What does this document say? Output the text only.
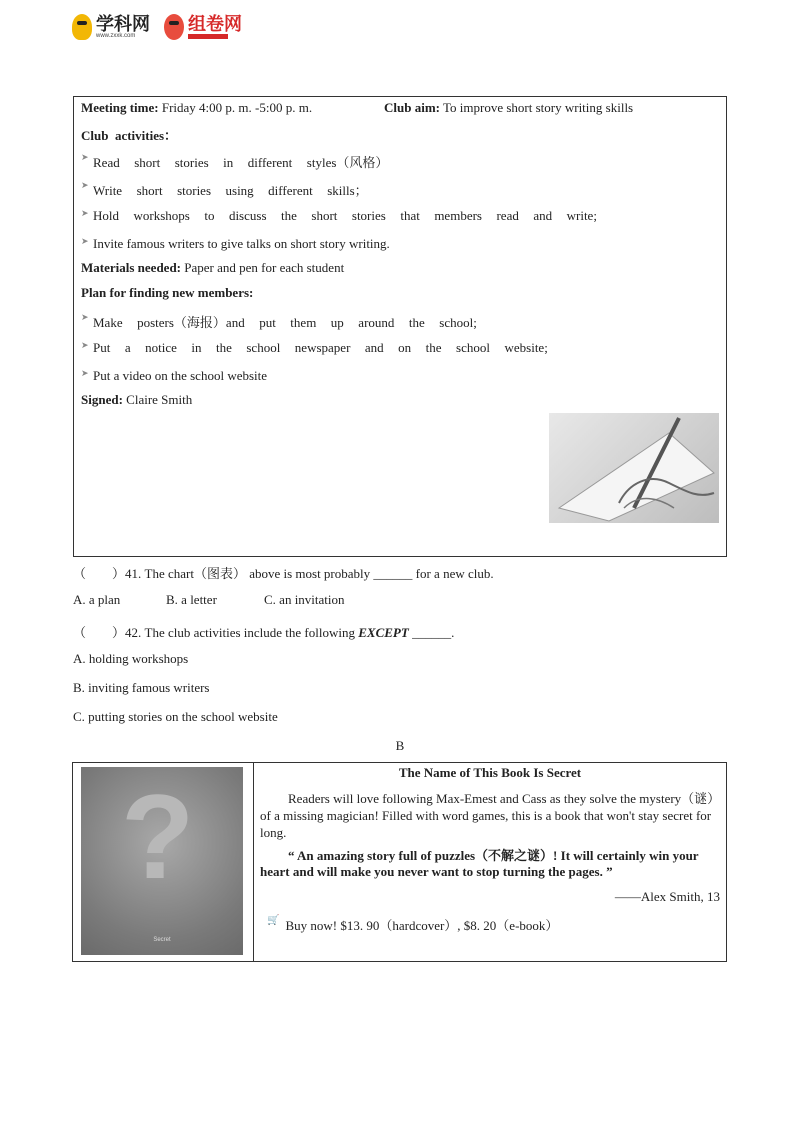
学科网
www.zxxk.com
组卷网
Meeting time: Friday 4:00 p. m. -5:00 p. m.	Club aim: To improve short story writing skills
Club  activities：
➤ Read  short  stories  in  different  styles（风格）
➤ Write  short  stories  using  different  skills；
➤ Hold  workshops  to  discuss  the  short  stories  that  members  read  and  write;
➤ Invite famous writers to give talks on short story writing.
Materials needed: Paper and pen for each student
Plan for finding new members:
➤ Make  posters（海报）and  put  them  up  around  the  school;
➤ Put  a  notice  in  the  school  newspaper  and  on  the  school  website;
➤ Put a video on the school website
Signed: Claire Smith
（　　）41. The chart（图表） above is most probably ______ for a new club.
A. a plan	B. a letter	C. an invitation
（　　）42. The club activities include the following EXCEPT ______.
A. holding workshops
B. inviting famous writers
C. putting stories on the school website
B
?
Secret
The Name of This Book Is Secret
Readers will love following Max-Emest and Cass as they solve the mystery（谜）of a missing magician! Filled with word games, this is a book that won't stay secret for long.
“ An amazing story full of puzzles（不解之谜）! It will certainly win your heart and will make you never want to stop turning the pages. ”
——Alex Smith, 13
🛒 Buy now! $13. 90（hardcover）, $8. 20（e-book）
